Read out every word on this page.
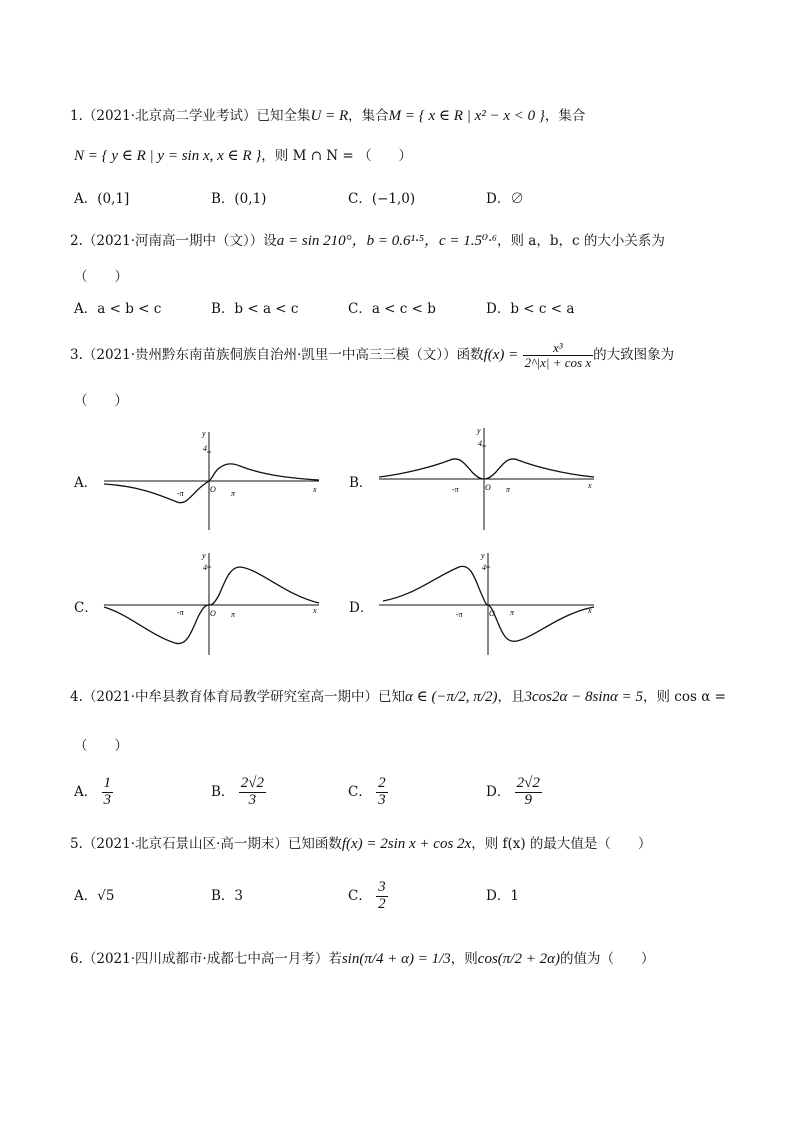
1.（2021·北京高二学业考试）已知全集U = R，集合M = { x ∈ R | x² − x < 0 }，集合
N = { y ∈ R | y = sin x, x ∈ R }，则 M ∩ N = （　　）
A．(0,1]	B．(0,1)	C．(−1,0)	D．∅
2.（2021·河南高一期中（文））设a = sin 210°，b = 0.6¹·⁵，c = 1.5⁰·⁶，则 a，b，c 的大小关系为
（　　）
A．a < b < c	B．b < a < c	C．a < c < b	D．b < c < a
3.（2021·贵州黔东南苗族侗族自治州·凯里一中高三三模（文））函数$f(x) = \frac{\text{x³}}{\text{2\textasciicircum{}|x| + cos x}}$ 的大致图象为
（　　）
A．	B．
C．	D．
y
4
O
-π	π	x
y
4
O
-π	π	x
y
4
O
-π	π	x
y
4
O
-π	π	x
4.（2021·中牟县教育体育局教学研究室高一期中）已知α ∈ (−π/2, π/2)，且3cos2α − 8sinα = 5，则 cos α =
（　　）
A． $\frac{1}{3}$	B． $\frac{2√2}{3}$	C． $\frac{2}{3}$	D． $\frac{2√2}{9}$
5.（2021·北京石景山区·高一期末）已知函数f(x) = 2sin x + cos 2x，则 f(x) 的最大值是（　　）
A．√5	B．3	C． $\frac{3}{2}$	D．1
6.（2021·四川成都市·成都七中高一月考）若sin(π/4 + α) = 1/3，则cos(π/2 + 2α)的值为（　　）
